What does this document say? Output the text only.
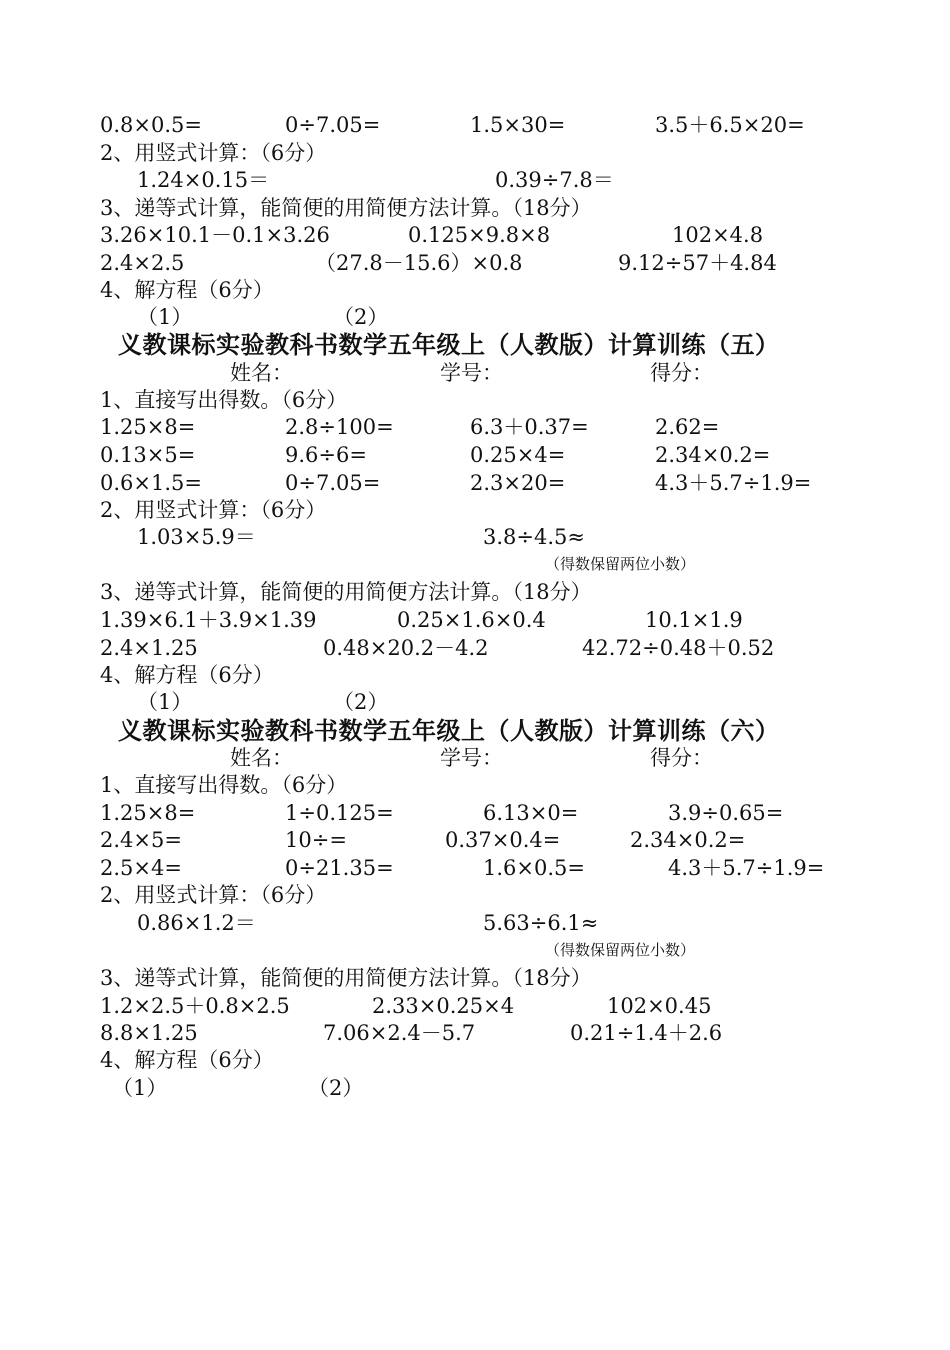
0.8×0.5=	0÷7.05=	1.5×30=	3.5＋6.5×20=
2、用竖式计算：（6分）
1.24×0.15＝	0.39÷7.8＝
3、递等式计算，能简便的用简便方法计算。（18分）
3.26×10.1－0.1×3.26	0.125×9.8×8	102×4.8
2.4×2.5	（27.8－15.6）×0.8	9.12÷57＋4.84
4、解方程（6分）
（1）	（2）
义教课标实验教科书数学五年级上（人教版）计算训练（五）
姓名：	学号：	得分：
1、直接写出得数。（6分）
1.25×8=	2.8÷100=	6.3＋0.37=	2.62=
0.13×5=	9.6÷6=	0.25×4=	2.34×0.2=
0.6×1.5=	0÷7.05=	2.3×20=	4.3＋5.7÷1.9=
2、用竖式计算：（6分）
1.03×5.9＝	3.8÷4.5≈
（得数保留两位小数）
3、递等式计算，能简便的用简便方法计算。（18分）
1.39×6.1＋3.9×1.39	0.25×1.6×0.4	10.1×1.9
2.4×1.25	0.48×20.2－4.2	42.72÷0.48＋0.52
4、解方程（6分）
（1）	（2）
义教课标实验教科书数学五年级上（人教版）计算训练（六）
姓名：	学号：	得分：
1、直接写出得数。（6分）
1.25×8=	1÷0.125=	6.13×0=	3.9÷0.65=
2.4×5=	10÷=	0.37×0.4=	2.34×0.2=
2.5×4=	0÷21.35=	1.6×0.5=	4.3＋5.7÷1.9=
2、用竖式计算：（6分）
0.86×1.2＝	5.63÷6.1≈
（得数保留两位小数）
3、递等式计算，能简便的用简便方法计算。（18分）
1.2×2.5＋0.8×2.5	2.33×0.25×4	102×0.45
8.8×1.25	7.06×2.4－5.7	0.21÷1.4＋2.6
4、解方程（6分）
（1）	（2）
